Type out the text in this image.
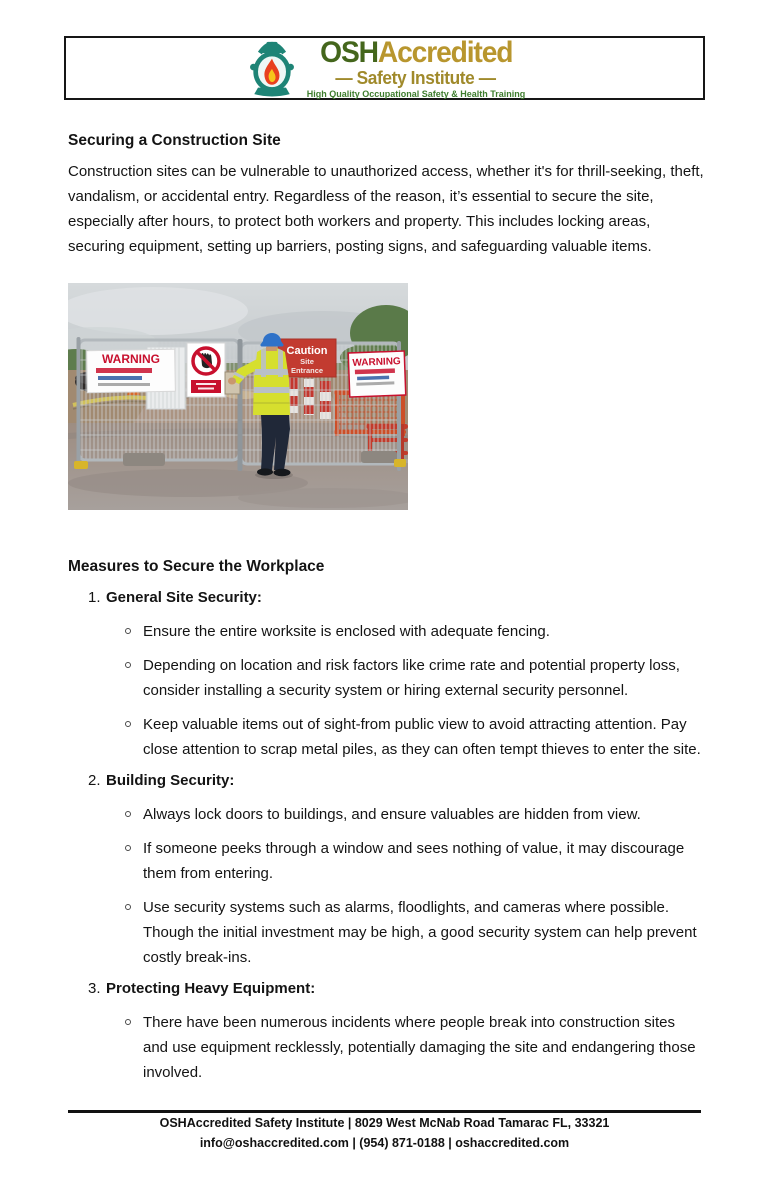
OSHAccredited
— Safety Institute —
High Quality Occupational Safety & Health Training
Securing a Construction Site
Construction sites can be vulnerable to unauthorized access, whether it's for thrill-seeking, theft, vandalism, or accidental entry. Regardless of the reason, it’s essential to secure the site, especially after hours, to protect both workers and property. This includes locking areas, securing equipment, setting up barriers, posting signs, and safeguarding valuable items.
WARNING
Caution
Site
Entrance
WARNING
Measures to Secure the Workplace
1. General Site Security:
Ensure the entire worksite is enclosed with adequate fencing.
Depending on location and risk factors like crime rate and potential property loss, consider installing a security system or hiring external security personnel.
Keep valuable items out of sight-from public view to avoid attracting attention. Pay close attention to scrap metal piles, as they can often tempt thieves to enter the site.
2. Building Security:
Always lock doors to buildings, and ensure valuables are hidden from view.
If someone peeks through a window and sees nothing of value, it may discourage them from entering.
Use security systems such as alarms, floodlights, and cameras where possible. Though the initial investment may be high, a good security system can help prevent costly break-ins.
3. Protecting Heavy Equipment:
There have been numerous incidents where people break into construction sites and use equipment recklessly, potentially damaging the site and endangering those involved.
OSHAccredited Safety Institute | 8029 West McNab Road Tamarac FL, 33321
info@oshaccredited.com | (954) 871-0188 | oshaccredited.com
